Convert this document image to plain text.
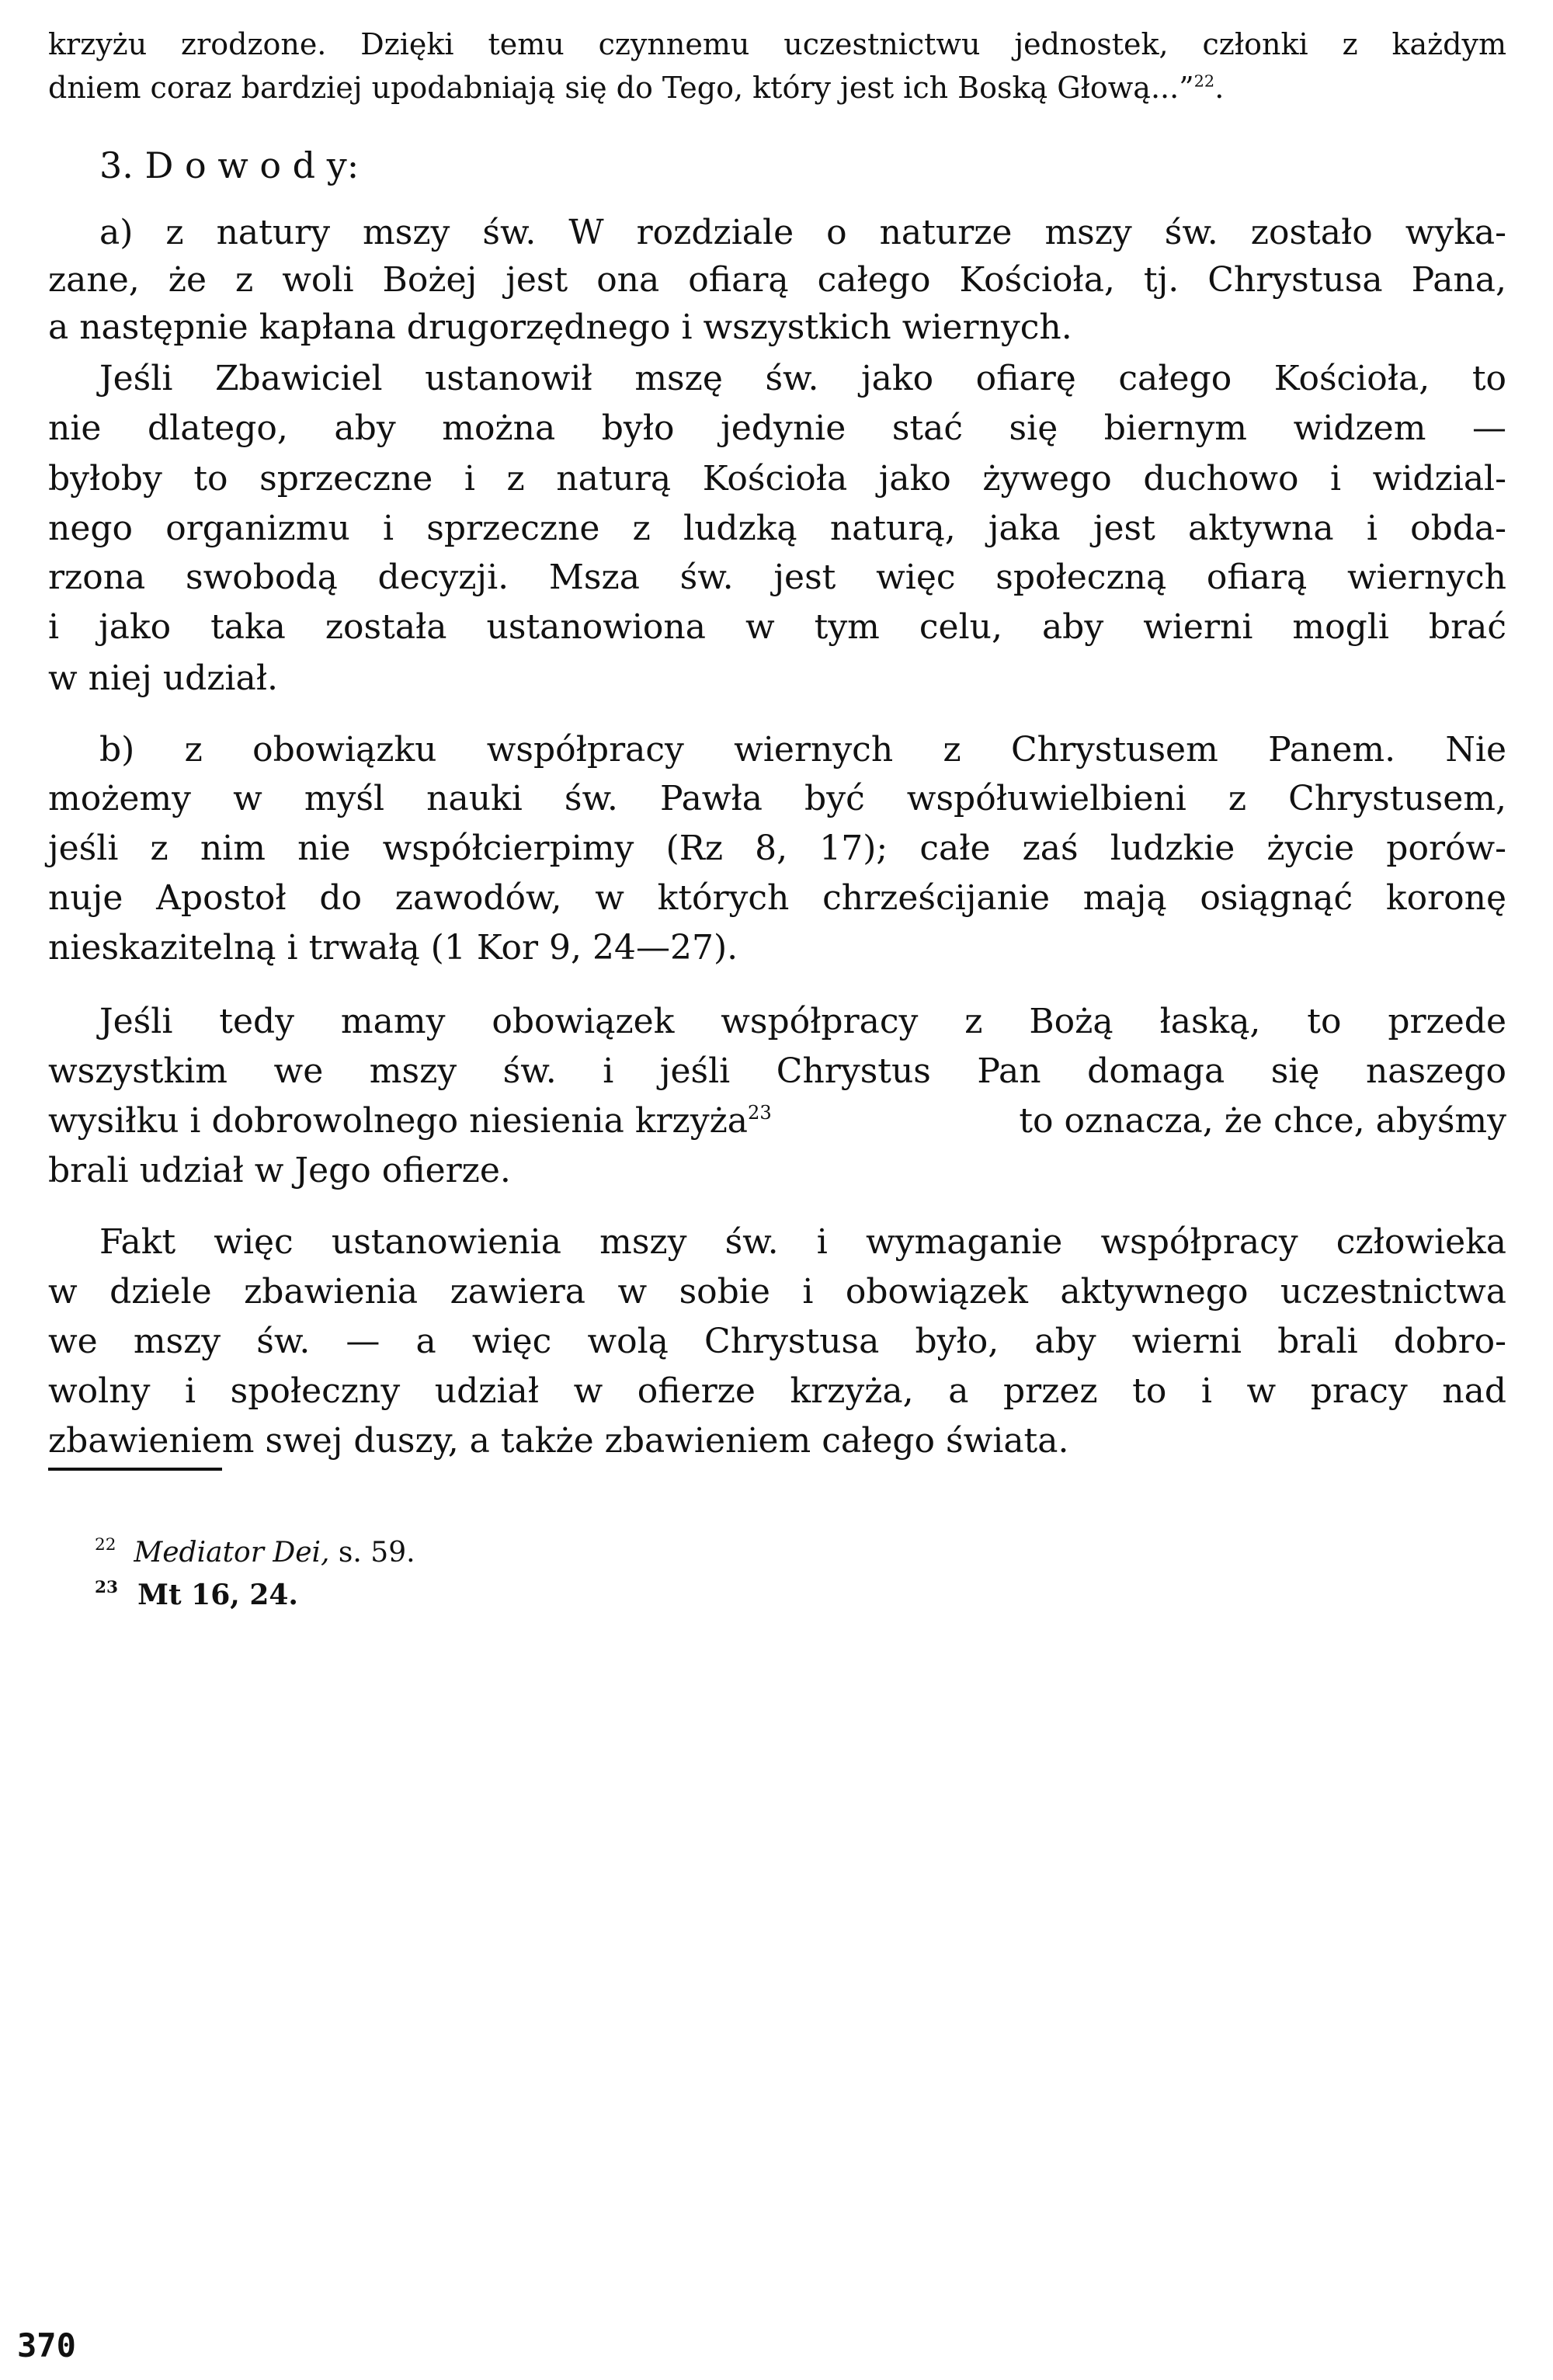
krzyżu zrodzone. Dzięki temu czynnemu uczestnictwu jednostek, członki z każdym

dniem coraz bardziej upodabniają się do Tego, który jest ich Boską Głową...”$^{22}$.

3. D o w o d y:

a) z natury mszy św. W rozdziale o naturze mszy św. zostało wyka-

zane, że z woli Bożej jest ona ofiarą całego Kościoła, tj. Chrystusa Pana,

a następnie kapłana drugorzędnego i wszystkich wiernych.

Jeśli Zbawiciel ustanowił mszę św. jako ofiarę całego Kościoła, to

nie dlatego, aby można było jedynie stać się biernym widzem —

byłoby to sprzeczne i z naturą Kościoła jako żywego duchowo i widzial-

nego organizmu i sprzeczne z ludzką naturą, jaka jest aktywna i obda-

rzona swobodą decyzji. Msza św. jest więc społeczną ofiarą wiernych

i jako taka została ustanowiona w tym celu, aby wierni mogli brać

w niej udział.

b) z obowiązku współpracy wiernych z Chrystusem Panem. Nie

możemy w myśl nauki św. Pawła być współuwielbieni z Chrystusem,

jeśli z nim nie współcierpimy (Rz 8, 17); całe zaś ludzkie życie porów-

nuje Apostoł do zawodów, w których chrześcijanie mają osiągnąć koronę

nieskazitelną i trwałą (1 Kor 9, 24—27).

Jeśli tedy mamy obowiązek współpracy z Bożą łaską, to przede

wszystkim we mszy św. i jeśli Chrystus Pan domaga się naszego

wysiłku i dobrowolnego niesienia krzyża$^{23}$	to oznacza, że chce, abyśmy

brali udział w Jego ofierze.

Fakt więc ustanowienia mszy św. i wymaganie współpracy człowieka

w dziele zbawienia zawiera w sobie i obowiązek aktywnego uczestnictwa

we mszy św. — a więc wolą Chrystusa było, aby wierni brali dobro-

wolny i społeczny udział w ofierze krzyża, a przez to i w pracy nad

zbawieniem swej duszy, a także zbawieniem całego świata.

$^{22}$ Mediator Dei, s. 59.

$^{23}$ Mt 16, 24.

370
